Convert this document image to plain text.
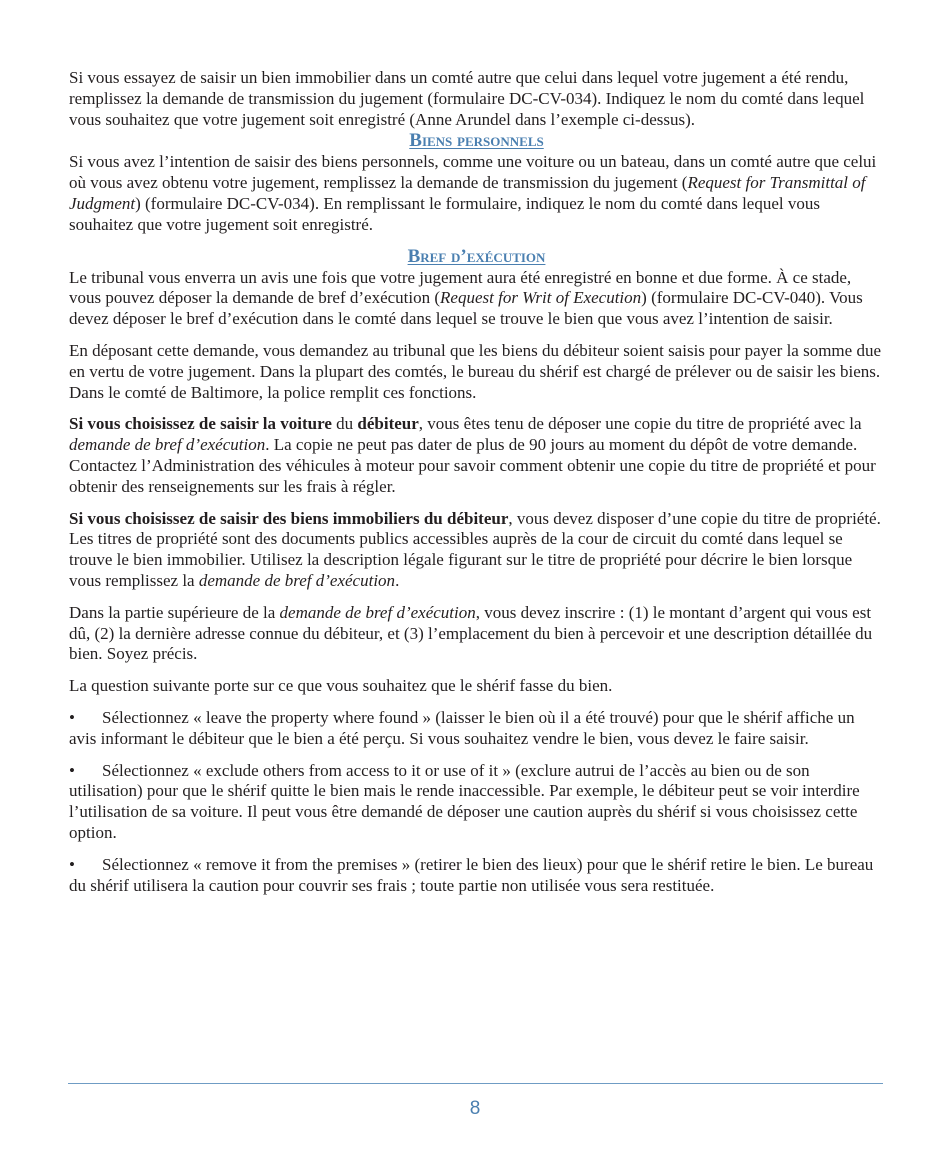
Si vous essayez de saisir un bien immobilier dans un comté autre que celui dans lequel votre jugement a été rendu, remplissez la demande de transmission du jugement (formulaire DC-CV-034). Indiquez le nom du comté dans lequel vous souhaitez que votre jugement soit enregistré (Anne Arundel dans l’exemple ci-dessus).

Biens personnels

Si vous avez l’intention de saisir des biens personnels, comme une voiture ou un bateau, dans un comté autre que celui où vous avez obtenu votre jugement, remplissez la demande de transmission du jugement (Request for Transmittal of Judgment) (formulaire DC-CV-034). En remplissant le formulaire, indiquez le nom du comté dans lequel vous souhaitez que votre jugement soit enregistré.

Bref d’exécution

Le tribunal vous enverra un avis une fois que votre jugement aura été enregistré en bonne et due forme. À ce stade, vous pouvez déposer la demande de bref d’exécution (Request for Writ of Execution) (formulaire DC-CV-040). Vous devez déposer le bref d’exécution dans le comté dans lequel se trouve le bien que vous avez l’intention de saisir.

En déposant cette demande, vous demandez au tribunal que les biens du débiteur soient saisis pour payer la somme due en vertu de votre jugement. Dans la plupart des comtés, le bureau du shérif est chargé de prélever ou de saisir les biens. Dans le comté de Baltimore, la police remplit ces fonctions.

Si vous choisissez de saisir la voiture du débiteur, vous êtes tenu de déposer une copie du titre de propriété avec la demande de bref d’exécution. La copie ne peut pas dater de plus de 90 jours au moment du dépôt de votre demande. Contactez l’Administration des véhicules à moteur pour savoir comment obtenir une copie du titre de propriété et pour obtenir des renseignements sur les frais à régler.

Si vous choisissez de saisir des biens immobiliers du débiteur, vous devez disposer d’une copie du titre de propriété. Les titres de propriété sont des documents publics accessibles auprès de la cour de circuit du comté dans lequel se trouve le bien immobilier. Utilisez la description légale figurant sur le titre de propriété pour décrire le bien lorsque vous remplissez la demande de bref d’exécution.

Dans la partie supérieure de la demande de bref d’exécution, vous devez inscrire : (1) le montant d’argent qui vous est dû, (2) la dernière adresse connue du débiteur, et (3) l’emplacement du bien à percevoir et une description détaillée du bien. Soyez précis.

La question suivante porte sur ce que vous souhaitez que le shérif fasse du bien.

• Sélectionnez « leave the property where found » (laisser le bien où il a été trouvé) pour que le shérif affiche un avis informant le débiteur que le bien a été perçu. Si vous souhaitez vendre le bien, vous devez le faire saisir.

• Sélectionnez « exclude others from access to it or use of it » (exclure autrui de l’accès au bien ou de son utilisation) pour que le shérif quitte le bien mais le rende inaccessible. Par exemple, le débiteur peut se voir interdire l’utilisation de sa voiture. Il peut vous être demandé de déposer une caution auprès du shérif si vous choisissez cette option.

• Sélectionnez « remove it from the premises » (retirer le bien des lieux) pour que le shérif retire le bien. Le bureau du shérif utilisera la caution pour couvrir ses frais ; toute partie non utilisée vous sera restituée.

8
